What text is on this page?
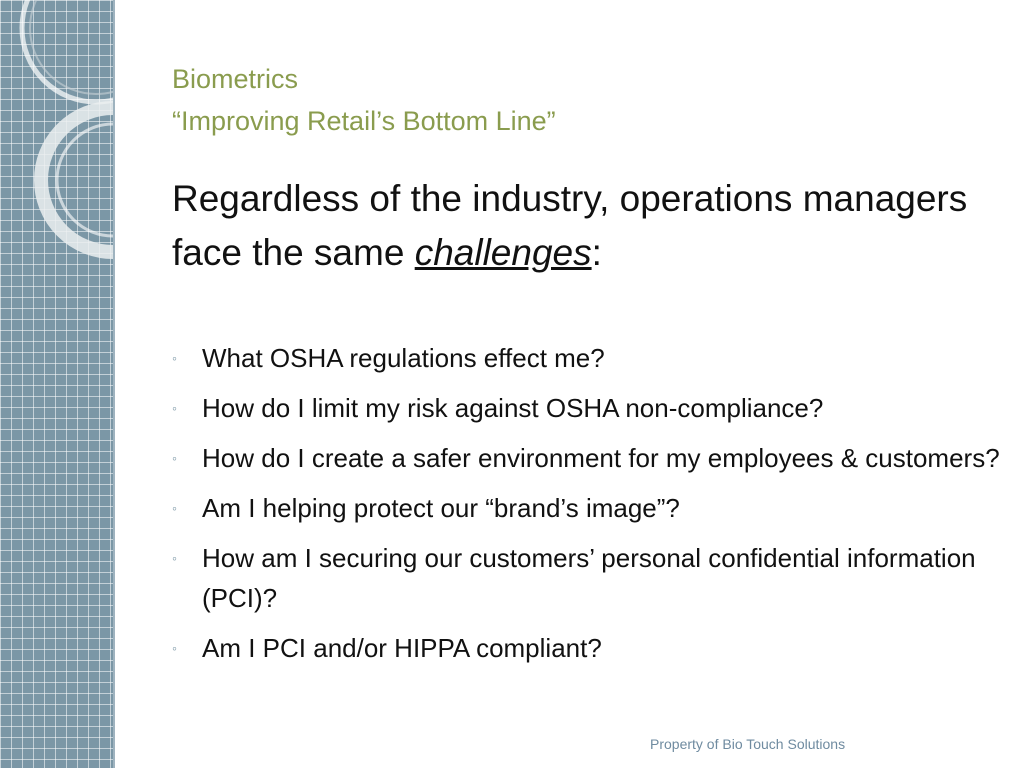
Biometrics
“Improving Retail’s Bottom Line”
Regardless of the industry, operations managers face the same challenges:
◦ What OSHA regulations effect me?
◦ How do I limit my risk against OSHA non-compliance?
◦ How do I create a safer environment for my employees & customers?
◦ Am I helping protect our “brand’s image”?
◦ How am I securing our customers’ personal confidential information (PCI)?
◦ Am I PCI and/or HIPPA compliant?
Property of Bio Touch Solutions
